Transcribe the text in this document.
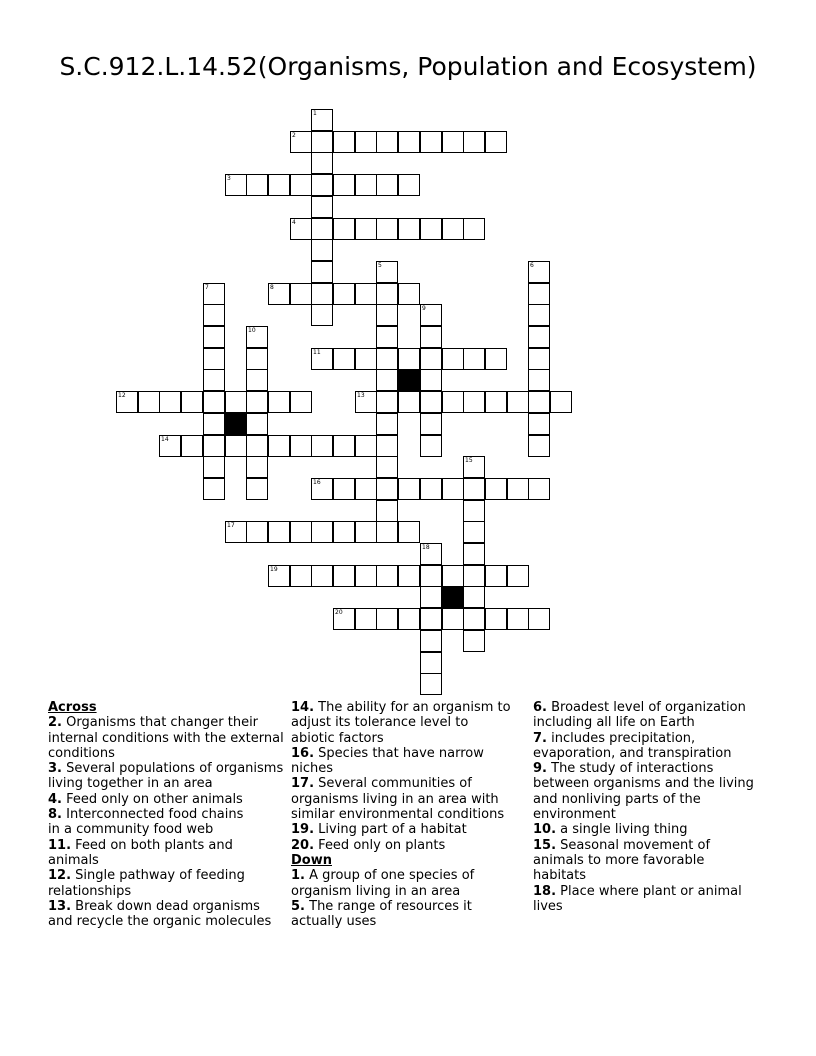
S.C.912.L.14.52(Organisms, Population and Ecosystem)
2
3
4
8
11
12	13
14
16
17
19
20
1
5	6
7
9
10
15
18
Across
2. Organisms that changer their internal conditions with the external conditions
3. Several populations of organisms living together in an area
4. Feed only on other animals
8. Interconnected food chains in a community food web
11. Feed on both plants and animals
12. Single pathway of feeding relationships
13. Break down dead organisms and recycle the organic molecules
14. The ability for an organism to adjust its tolerance level to abiotic factors
16. Species that have narrow niches
17. Several communities of organisms living in an area with similar environmental conditions
19. Living part of a habitat
20. Feed only on plants
Down
1. A group of one species of organism living in an area
5. The range of resources it actually uses
6. Broadest level of organization including all life on Earth
7. includes precipitation, evaporation, and transpiration
9. The study of interactions between organisms and the living and nonliving parts of the environment
10. a single living thing
15. Seasonal movement of animals to more favorable habitats
18. Place where plant or animal lives
